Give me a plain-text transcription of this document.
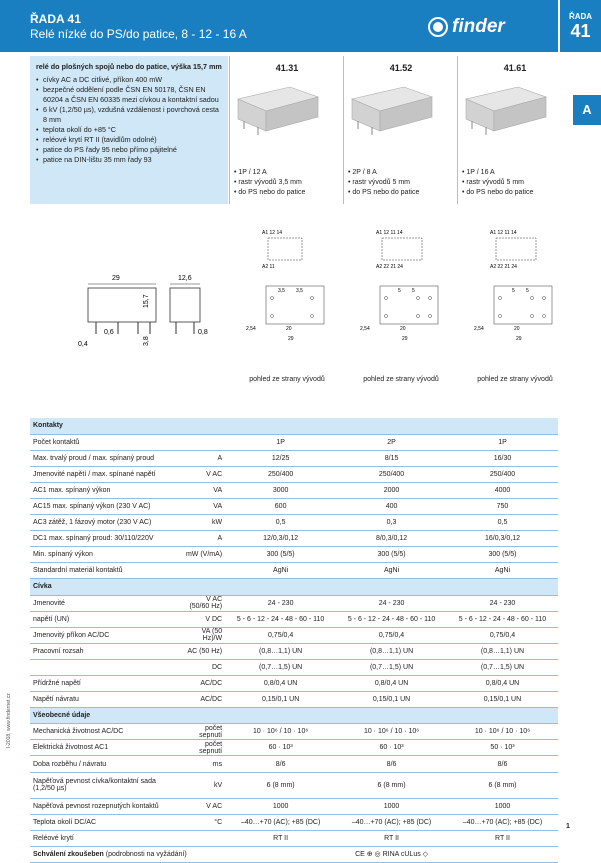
ŘADA 41
Relé nízké do PS/do patice, 8 - 12 - 16 A	finder	ŘADA
41
A
relé do plošných spojů nebo do patice, výška 15,7 mm
• cívky AC a DC citlivé, příkon 400 mW
• bezpečné oddělení podle ČSN EN 50178, ČSN EN 60204 a ČSN EN 60335 mezi cívkou a kontaktní sadou
• 6 kV (1,2/50 µs), vzdušná vzdálenost i povrchová cesta 8 mm
• teplota okolí do +85 °C
• reléové krytí RT II (tavidlům odolné)
• patice do PS řady 95 nebo přímo pájitelné
• patice na DIN-lištu 35 mm řady 93
41.31
• 1P / 12 A
• rastr vývodů 3,5 mm
• do PS nebo do patice
41.52
• 2P / 8 A
• rastr vývodů 5 mm
• do PS nebo do patice
41.61
• 1P / 16 A
• rastr vývodů 5 mm
• do PS nebo do patice
29	12,6
15,7
0,6
3,8
0,8
0,4
A1 12 14
A2 11
3,5 3,5
2,54	20
29
A1 12 11 14
A2 22 21 24
5 5
2,54	20
29
A1 12 11 14
A2 22 21 24
5 5
2,54	20
29
pohled ze strany vývodů	pohled ze strany vývodů	pohled ze strany vývodů
Kontakty				
Počet kontaktů		1P	2P	1P
Max. trvalý proud / max. spínaný proud	A	12/25	8/15	16/30
Jmenovité napětí / max. spínané napětí	V AC	250/400	250/400	250/400
AC1 max. spínaný výkon	VA	3000	2000	4000
AC15 max. spínaný výkon (230 V AC)	VA	600	400	750
AC3 zátěž, 1 fázový motor (230 V AC)	kW	0,5	0,3	0,5
DC1 max. spínaný proud: 30/110/220V	A	12/0,3/0,12	8/0,3/0,12	16/0,3/0,12
Min. spínaný výkon	mW (V/mA)	300 (5/5)	300 (5/5)	300 (5/5)
Standardní materiál kontaktů		AgNi	AgNi	AgNi
Cívka				
Jmenovité	V AC (50/60 Hz)	24 - 230	24 - 230	24 - 230
napětí (UN)	V DC	5 - 6 - 12 - 24 - 48 - 60 - 110	5 - 6 - 12 - 24 - 48 - 60 - 110	5 - 6 - 12 - 24 - 48 - 60 - 110
Jmenovitý příkon AC/DC	VA (50 Hz)/W	0,75/0,4	0,75/0,4	0,75/0,4
Pracovní rozsah	AC (50 Hz)	(0,8…1,1) UN	(0,8…1,1) UN	(0,8…1,1) UN
	DC	(0,7…1,5) UN	(0,7…1,5) UN	(0,7…1,5) UN
Přídržné napětí	AC/DC	0,8/0,4 UN	0,8/0,4 UN	0,8/0,4 UN
Napětí návratu	AC/DC	0,15/0,1 UN	0,15/0,1 UN	0,15/0,1 UN
Všeobecné údaje				
Mechanická životnost AC/DC	počet sepnutí	10 · 10⁶ / 10 · 10⁶	10 · 10⁶ / 10 · 10⁶	10 · 10⁶ / 10 · 10⁶
Elektrická životnost AC1	počet sepnutí	60 · 10³	60 · 10³	50 · 10³
Doba rozběhu / návratu	ms	8/6	8/6	8/6
Napěťová pevnost cívka/kontaktní sada (1,2/50 µs)	kV	6 (8 mm)	6 (8 mm)	6 (8 mm)
Napěťová pevnost rozepnutých kontaktů	V AC	1000	1000	1000
Teplota okolí DC/AC	°C	–40…+70 (AC); +85 (DC)	–40…+70 (AC); +85 (DC)	–40…+70 (AC); +85 (DC)
Reléové krytí		RT II	RT II	RT II
Schválení zkoušeben (podrobnosti na vyžádání)		CE ⊕ ◎ RINA cULus ◇		
I-2018, www.findernet.cz
1
